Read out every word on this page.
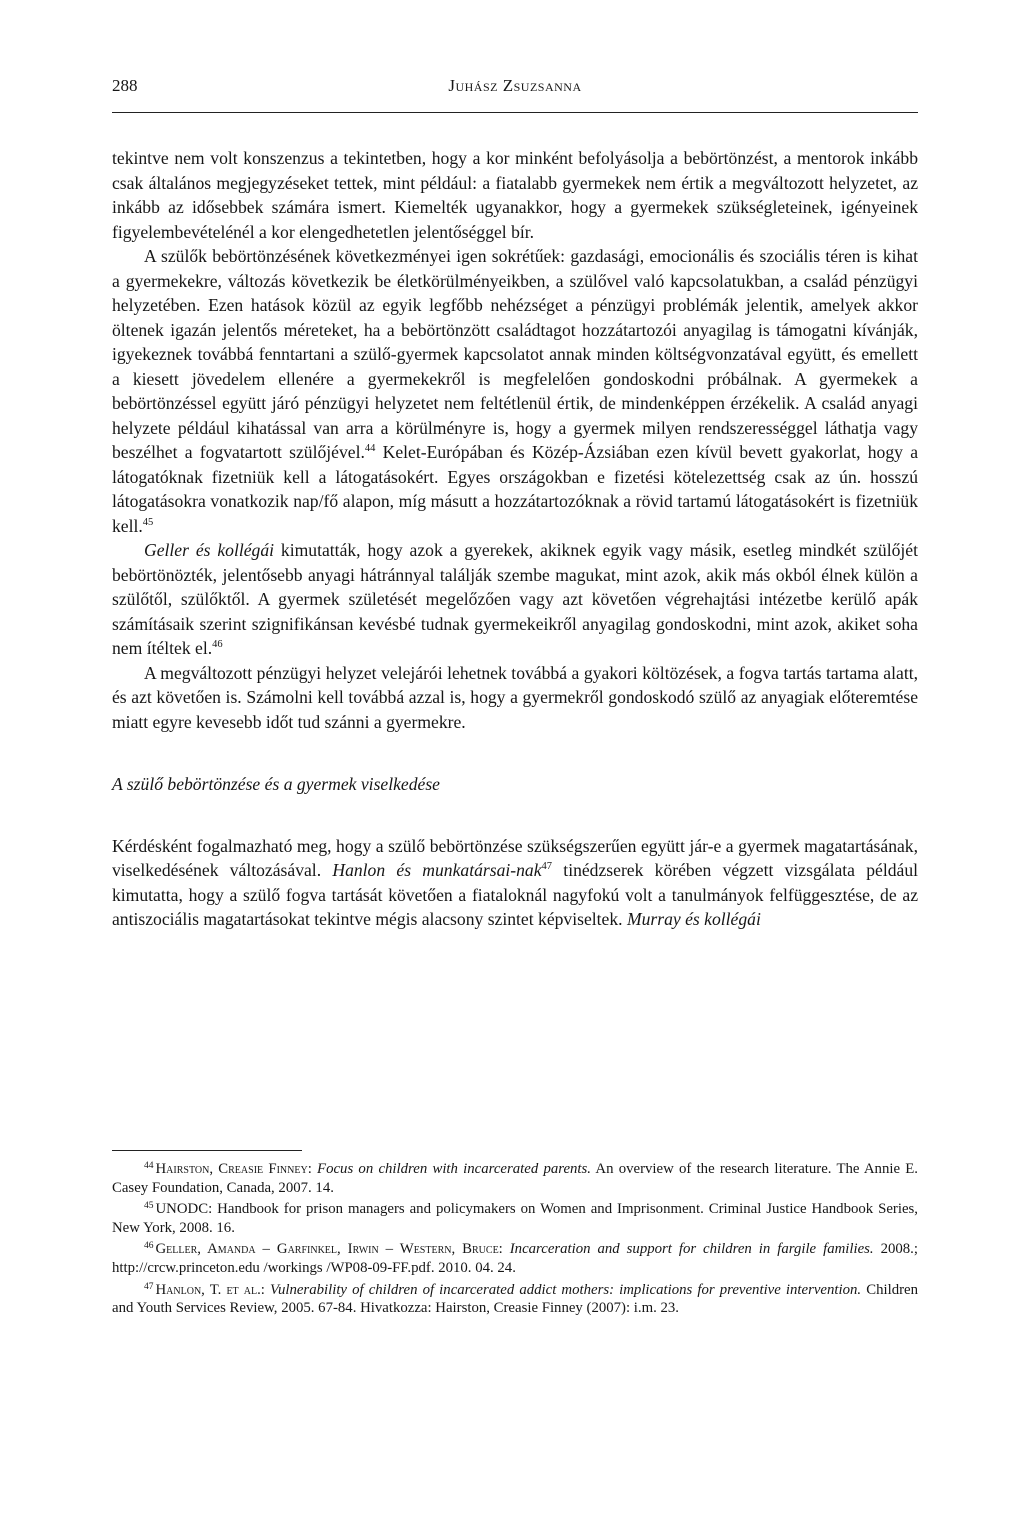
288	Juhász Zsuzsanna

tekintve nem volt konszenzus a tekintetben, hogy a kor minként befolyásolja a bebörtönzést, a mentorok inkább csak általános megjegyzéseket tettek, mint például: a fiatalabb gyermekek nem értik a megváltozott helyzetet, az inkább az idősebbek számára ismert. Kiemelték ugyanakkor, hogy a gyermekek szükségleteinek, igényeinek figyelembevételénél a kor elengedhetetlen jelentőséggel bír.

A szülők bebörtönzésének következményei igen sokrétűek: gazdasági, emocionális és szociális téren is kihat a gyermekekre, változás következik be életkörülményeikben, a szülővel való kapcsolatukban, a család pénzügyi helyzetében. Ezen hatások közül az egyik legfőbb nehézséget a pénzügyi problémák jelentik, amelyek akkor öltenek igazán jelentős méreteket, ha a bebörtönzött családtagot hozzátartozói anyagilag is támogatni kívánják, igyekeznek továbbá fenntartani a szülő-gyermek kapcsolatot annak minden költségvonzatával együtt, és emellett a kiesett jövedelem ellenére a gyermekekről is megfelelően gondoskodni próbálnak. A gyermekek a bebörtönzéssel együtt járó pénzügyi helyzetet nem feltétlenül értik, de mindenképpen érzékelik. A család anyagi helyzete például kihatással van arra a körülményre is, hogy a gyermek milyen rendszerességgel láthatja vagy beszélhet a fogvatartott szülőjével.$^{44}$ Kelet-Európában és Közép-Ázsiában ezen kívül bevett gyakorlat, hogy a látogatóknak fizetniük kell a látogatásokért. Egyes országokban e fizetési kötelezettség csak az ún. hosszú látogatásokra vonatkozik nap/fő alapon, míg másutt a hozzátartozóknak a rövid tartamú látogatásokért is fizetniük kell.$^{45}$

Geller és kollégái kimutatták, hogy azok a gyerekek, akiknek egyik vagy másik, esetleg mindkét szülőjét bebörtönözték, jelentősebb anyagi hátránnyal találják szembe magukat, mint azok, akik más okból élnek külön a szülőtől, szülőktől. A gyermek születését megelőzően vagy azt követően végrehajtási intézetbe kerülő apák számításaik szerint szignifikánsan kevésbé tudnak gyermekeikről anyagilag gondoskodni, mint azok, akiket soha nem ítéltek el.$^{46}$

A megváltozott pénzügyi helyzet velejárói lehetnek továbbá a gyakori költözések, a fogva tartás tartama alatt, és azt követően is. Számolni kell továbbá azzal is, hogy a gyermekről gondoskodó szülő az anyagiak előteremtése miatt egyre kevesebb időt tud szánni a gyermekre.

A szülő bebörtönzése és a gyermek viselkedése

Kérdésként fogalmazható meg, hogy a szülő bebörtönzése szükségszerűen együtt jár-e a gyermek magatartásának, viselkedésének változásával. Hanlon és munkatársai-nak$^{47}$ tinédzserek körében végzett vizsgálata például kimutatta, hogy a szülő fogva tartását követően a fiataloknál nagyfokú volt a tanulmányok felfüggesztése, de az antiszociális magatartásokat tekintve mégis alacsony szintet képviseltek. Murray és kollégái

$^{44}$ Hairston, Creasie Finney: Focus on children with incarcerated parents. An overview of the research literature. The Annie E. Casey Foundation, Canada, 2007. 14.

$^{45}$ UNODC: Handbook for prison managers and policymakers on Women and Imprisonment. Criminal Justice Handbook Series, New York, 2008. 16.

$^{46}$ Geller, Amanda – Garfinkel, Irwin – Western, Bruce: Incarceration and support for children in fargile families. 2008.; http://crcw.princeton.edu /workings /WP08-09-FF.pdf. 2010. 04. 24.

$^{47}$ Hanlon, T. et al.: Vulnerability of children of incarcerated addict mothers: implications for preventive intervention. Children and Youth Services Review, 2005. 67-84. Hivatkozza: Hairston, Creasie Finney (2007): i.m. 23.
